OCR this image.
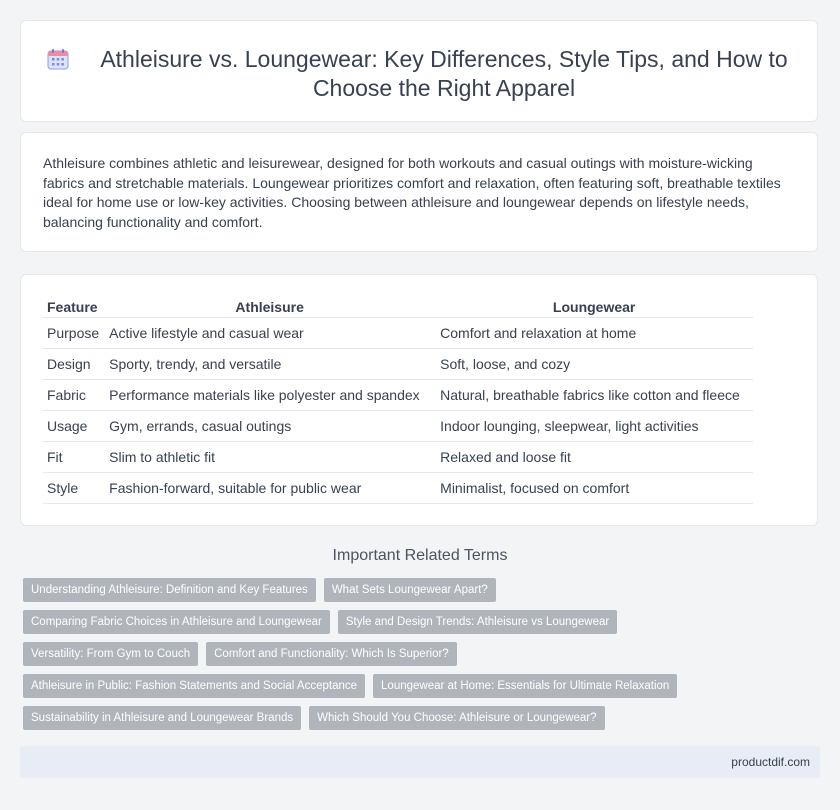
Athleisure vs. Loungewear: Key Differences, Style Tips, and How to Choose the Right Apparel

Athleisure combines athletic and leisurewear, designed for both workouts and casual outings with moisture-wicking fabrics and stretchable materials. Loungewear prioritizes comfort and relaxation, often featuring soft, breathable textiles ideal for home use or low-key activities. Choosing between athleisure and loungewear depends on lifestyle needs, balancing functionality and comfort.

Feature	Athleisure	Loungewear
Purpose	Active lifestyle and casual wear	Comfort and relaxation at home
Design	Sporty, trendy, and versatile	Soft, loose, and cozy
Fabric	Performance materials like polyester and spandex	Natural, breathable fabrics like cotton and fleece
Usage	Gym, errands, casual outings	Indoor lounging, sleepwear, light activities
Fit	Slim to athletic fit	Relaxed and loose fit
Style	Fashion-forward, suitable for public wear	Minimalist, focused on comfort
Important Related Terms
Understanding Athleisure: Definition and Key Features	What Sets Loungewear Apart?
Comparing Fabric Choices in Athleisure and Loungewear	Style and Design Trends: Athleisure vs Loungewear
Versatility: From Gym to Couch	Comfort and Functionality: Which Is Superior?
Athleisure in Public: Fashion Statements and Social Acceptance	Loungewear at Home: Essentials for Ultimate Relaxation
Sustainability in Athleisure and Loungewear Brands	Which Should You Choose: Athleisure or Loungewear?
productdif.com
